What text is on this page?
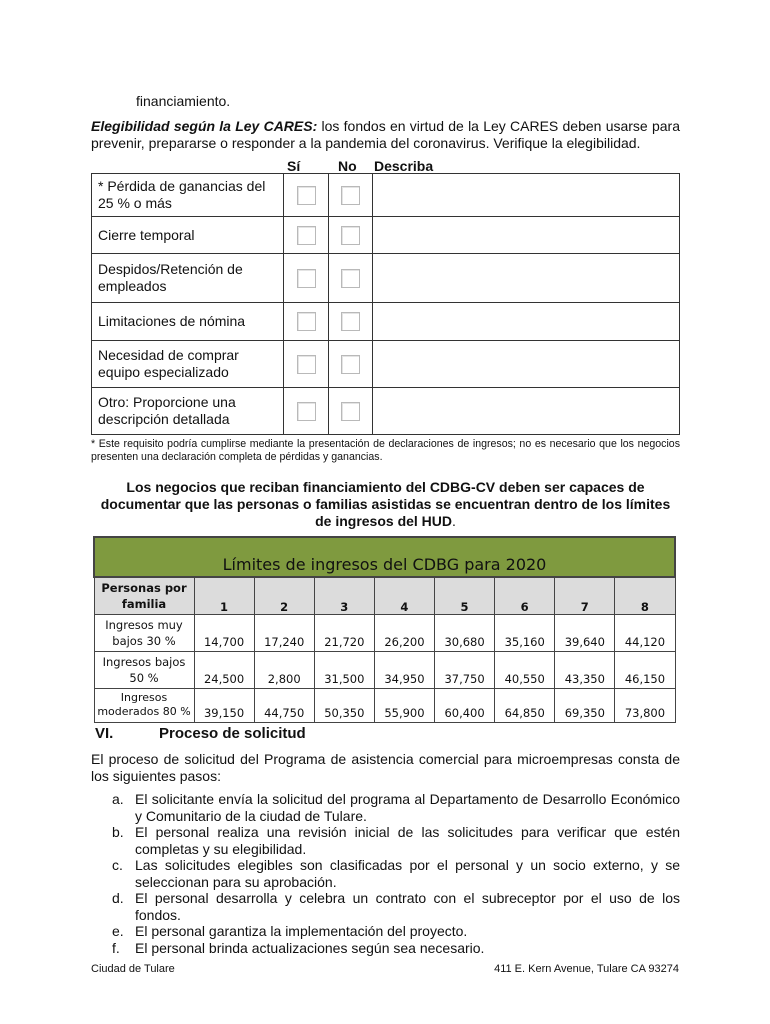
financiamiento.
Elegibilidad según la Ley CARES: los fondos en virtud de la Ley CARES deben usarse para prevenir, prepararse o responder a la pandemia del coronavirus. Verifique la elegibilidad.
Sí	No Describa
* Pérdida de ganancias del 25 % o más	

Cierre temporal	

Despidos/Retención de empleados	

Limitaciones de nómina	

Necesidad de comprar equipo especializado	

Otro: Proporcione una descripción detallada	

* Este requisito podría cumplirse mediante la presentación de declaraciones de ingresos; no es necesario que los negocios presenten una declaración completa de pérdidas y ganancias.
Los negocios que reciban financiamiento del CDBG-CV deben ser capaces de documentar que las personas o familias asistidas se encuentran dentro de los límites de ingresos del HUD.
Límites de ingresos del CDBG para 2020								
Personas por familia	1	2	3	4	5	6	7	8
Ingresos muy bajos 30 %	14,700	17,240	21,720	26,200	30,680	35,160	39,640	44,120
Ingresos bajos 50 %	24,500	2,800	31,500	34,950	37,750	40,550	43,350	46,150
Ingresos moderados 80 %	39,150	44,750	50,350	55,900	60,400	64,850	69,350	73,800
VI.	Proceso de solicitud
El proceso de solicitud del Programa de asistencia comercial para microempresas consta de los siguientes pasos:
a. El solicitante envía la solicitud del programa al Departamento de Desarrollo Económico y Comunitario de la ciudad de Tulare.
b. El personal realiza una revisión inicial de las solicitudes para verificar que estén completas y su elegibilidad.
c. Las solicitudes elegibles son clasificadas por el personal y un socio externo, y se seleccionan para su aprobación.
d. El personal desarrolla y celebra un contrato con el subreceptor por el uso de los fondos.
e. El personal garantiza la implementación del proyecto.
f. El personal brinda actualizaciones según sea necesario.
Ciudad de Tulare	411 E. Kern Avenue, Tulare CA 93274
